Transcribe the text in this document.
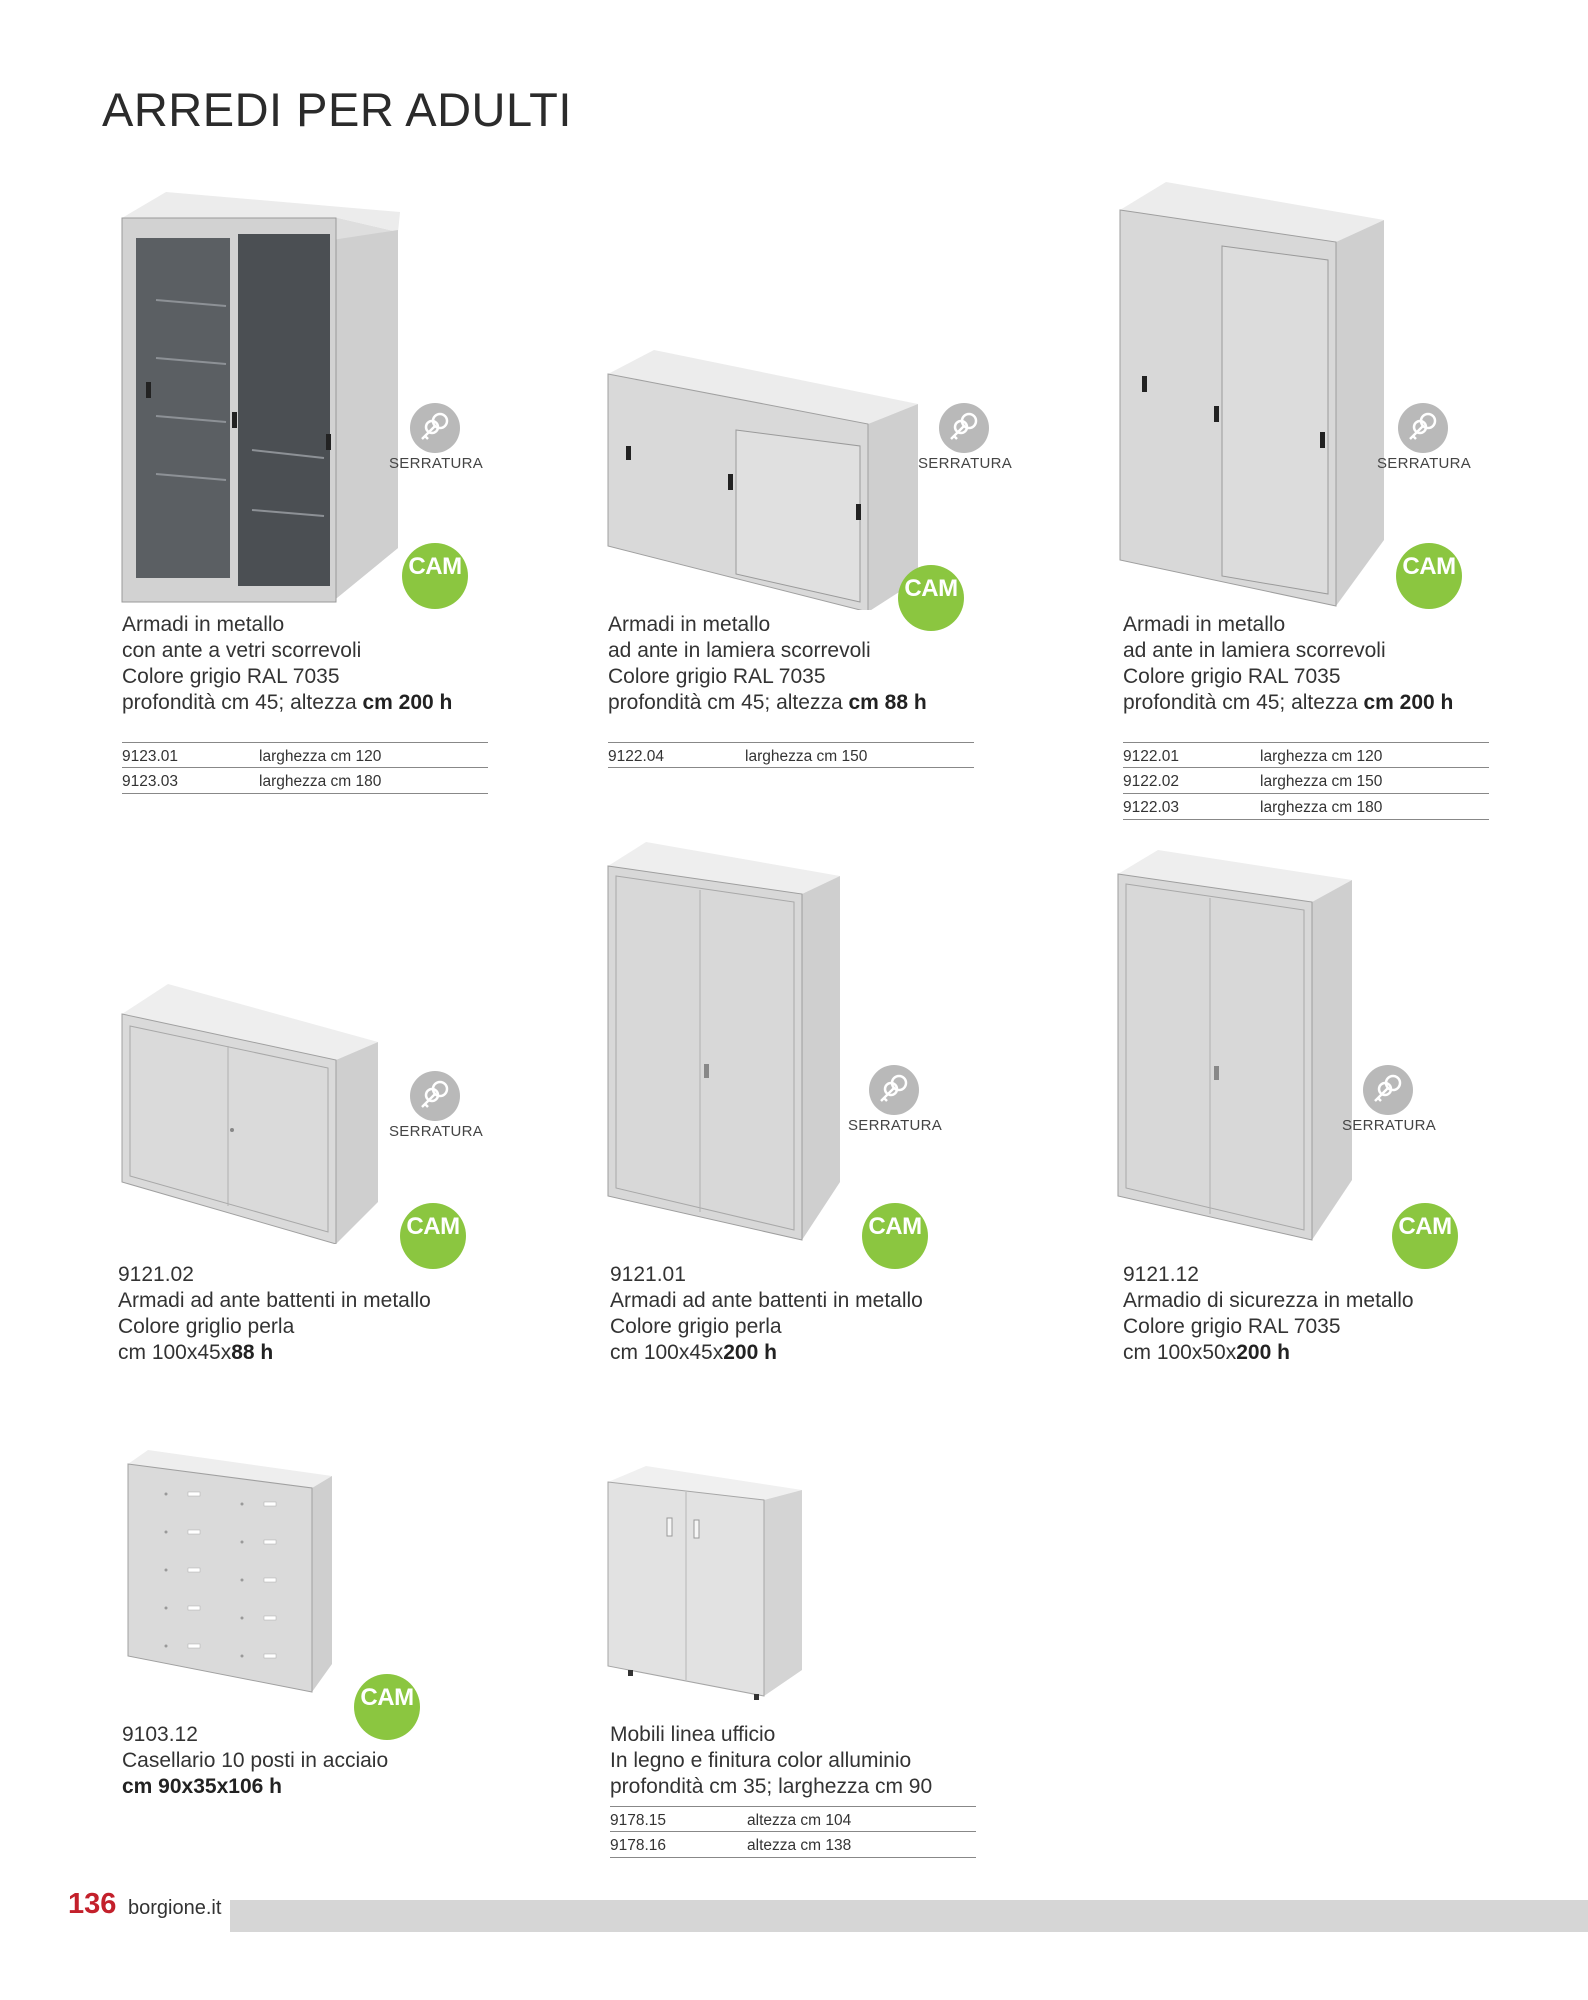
ARREDI PER ADULTI
SERRATURA	SERRATURA	SERRATURA
SERRATURA	SERRATURA	SERRATURA
CAM
CAM
CAM
CAM	CAM	CAM
CAM
Armadi in metallo
con ante a vetri scorrevoli
Colore grigio RAL 7035
profondità cm 45; altezza cm 200 h
9123.01	larghezza cm 120
9123.03	larghezza cm 180
Armadi in metallo
ad ante in lamiera scorrevoli
Colore grigio RAL 7035
profondità cm 45; altezza cm 88 h
9122.04	larghezza cm 150
Armadi in metallo
ad ante in lamiera scorrevoli
Colore grigio RAL 7035
profondità cm 45; altezza cm 200 h
9122.01	larghezza cm 120
9122.02	larghezza cm 150
9122.03	larghezza cm 180
9121.02
Armadi ad ante battenti in metallo
Colore griglio perla
cm 100x45x88 h
9121.01
Armadi ad ante battenti in metallo
Colore grigio perla
cm 100x45x200 h
9121.12
Armadio di sicurezza in metallo
Colore grigio RAL 7035
cm 100x50x200 h
9103.12
Casellario 10 posti in acciaio
cm 90x35x106 h
Mobili linea ufficio
In legno e finitura color alluminio
profondità cm 35; larghezza cm 90
9178.15	altezza cm 104
9178.16	altezza cm 138
136 borgione.it
